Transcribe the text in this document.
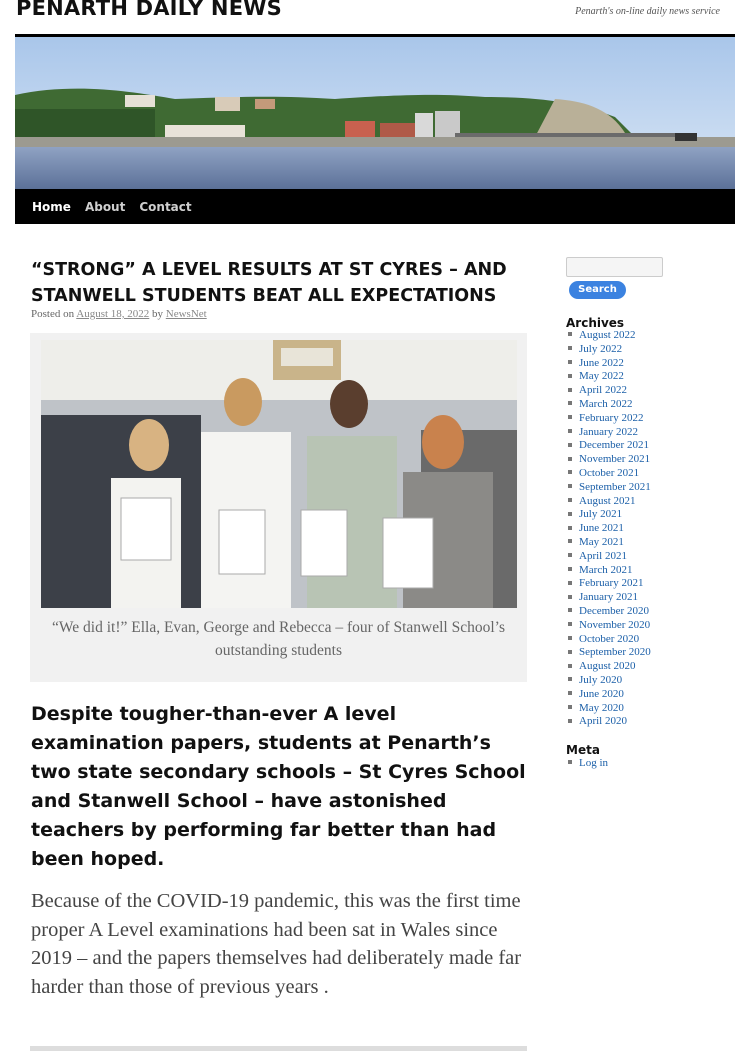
PENARTH DAILY NEWS	Penarth's on-line daily news service
Home	About	Contact
“STRONG” A LEVEL RESULTS AT ST CYRES – AND STANWELL STUDENTS BEAT ALL EXPECTATIONS
Posted on August 18, 2022 by NewsNet
“We did it!” Ella, Evan, George and Rebecca – four of Stanwell School’s outstanding students

Despite tougher-than-ever A level examination papers, students at Penarth’s two state secondary schools – St Cyres School and Stanwell School – have astonished teachers by performing far better than had been hoped.

Because of the COVID-19 pandemic, this was the first time proper A Level examinations had been sat in Wales since 2019 – and the papers themselves had deliberately made far harder than those of previous years .

Search
Archives
August 2022
July 2022
June 2022
May 2022
April 2022
March 2022
February 2022
January 2022
December 2021
November 2021
October 2021
September 2021
August 2021
July 2021
June 2021
May 2021
April 2021
March 2021
February 2021
January 2021
December 2020
November 2020
October 2020
September 2020
August 2020
July 2020
June 2020
May 2020
April 2020
Meta
Log in
